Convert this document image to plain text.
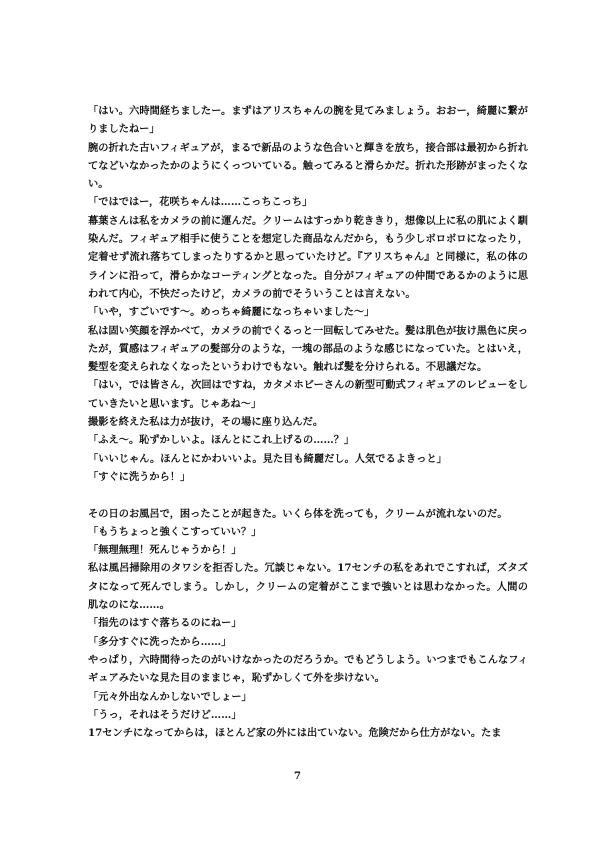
「はい。六時間経ちましたー。まずはアリスちゃんの腕を見てみましょう。おおー，綺麗に繋がりましたねー」

腕の折れた古いフィギュアが，まるで新品のような色合いと輝きを放ち，接合部は最初から折れてなどいなかったかのようにくっついている。触ってみると滑らかだ。折れた形跡がまったくない。

「ではではー，花咲ちゃんは……こっちこっち」

幕葉さんは私をカメラの前に運んだ。クリームはすっかり乾ききり，想像以上に私の肌によく馴染んだ。フィギュア相手に使うことを想定した商品なんだから，もう少しボロボロになったり，定着せず流れ落ちてしまったりするかと思っていたけど。『アリスちゃん』と同様に，私の体のラインに沿って，滑らかなコーティングとなった。自分がフィギュアの仲間であるかのように思われて内心，不快だったけど，カメラの前でそういうことは言えない。

「いや，すごいです～。めっちゃ綺麗になっちゃいました～」

私は固い笑顔を浮かべて，カメラの前でくるっと一回転してみせた。髪は肌色が抜け黒色に戻ったが，質感はフィギュアの髪部分のような，一塊の部品のような感じになっていた。とはいえ，髪型を変えられなくなったというわけでもない。触れば髪を分けられる。不思議だな。

「はい，では皆さん，次回はですね，カタメホビーさんの新型可動式フィギュアのレビューをしていきたいと思います。じゃあね～」

撮影を終えた私は力が抜け，その場に座り込んだ。

「ふえ～。恥ずかしいよ。ほんとにこれ上げるの……？」

「いいじゃん。ほんとにかわいいよ。見た目も綺麗だし。人気でるよきっと」

「すぐに洗うから！」

その日のお風呂で，困ったことが起きた。いくら体を洗っても，クリームが流れないのだ。

「もうちょっと強くこすっていい？」

「無理無理！死んじゃうから！」

私は風呂掃除用のタワシを拒否した。冗談じゃない。17センチの私をあれでこすれば，ズタズタになって死んでしまう。しかし，クリームの定着がここまで強いとは思わなかった。人間の肌なのにな……。

「指先のはすぐ落ちるのにねー」

「多分すぐに洗ったから……」

やっぱり，六時間待ったのがいけなかったのだろうか。でもどうしよう。いつまでもこんなフィギュアみたいな見た目のままじゃ，恥ずかしくて外を歩けない。

「元々外出なんかしないでしょー」

「うっ，それはそうだけど……」

17センチになってからは，ほとんど家の外には出ていない。危険だから仕方がない。たま

7
